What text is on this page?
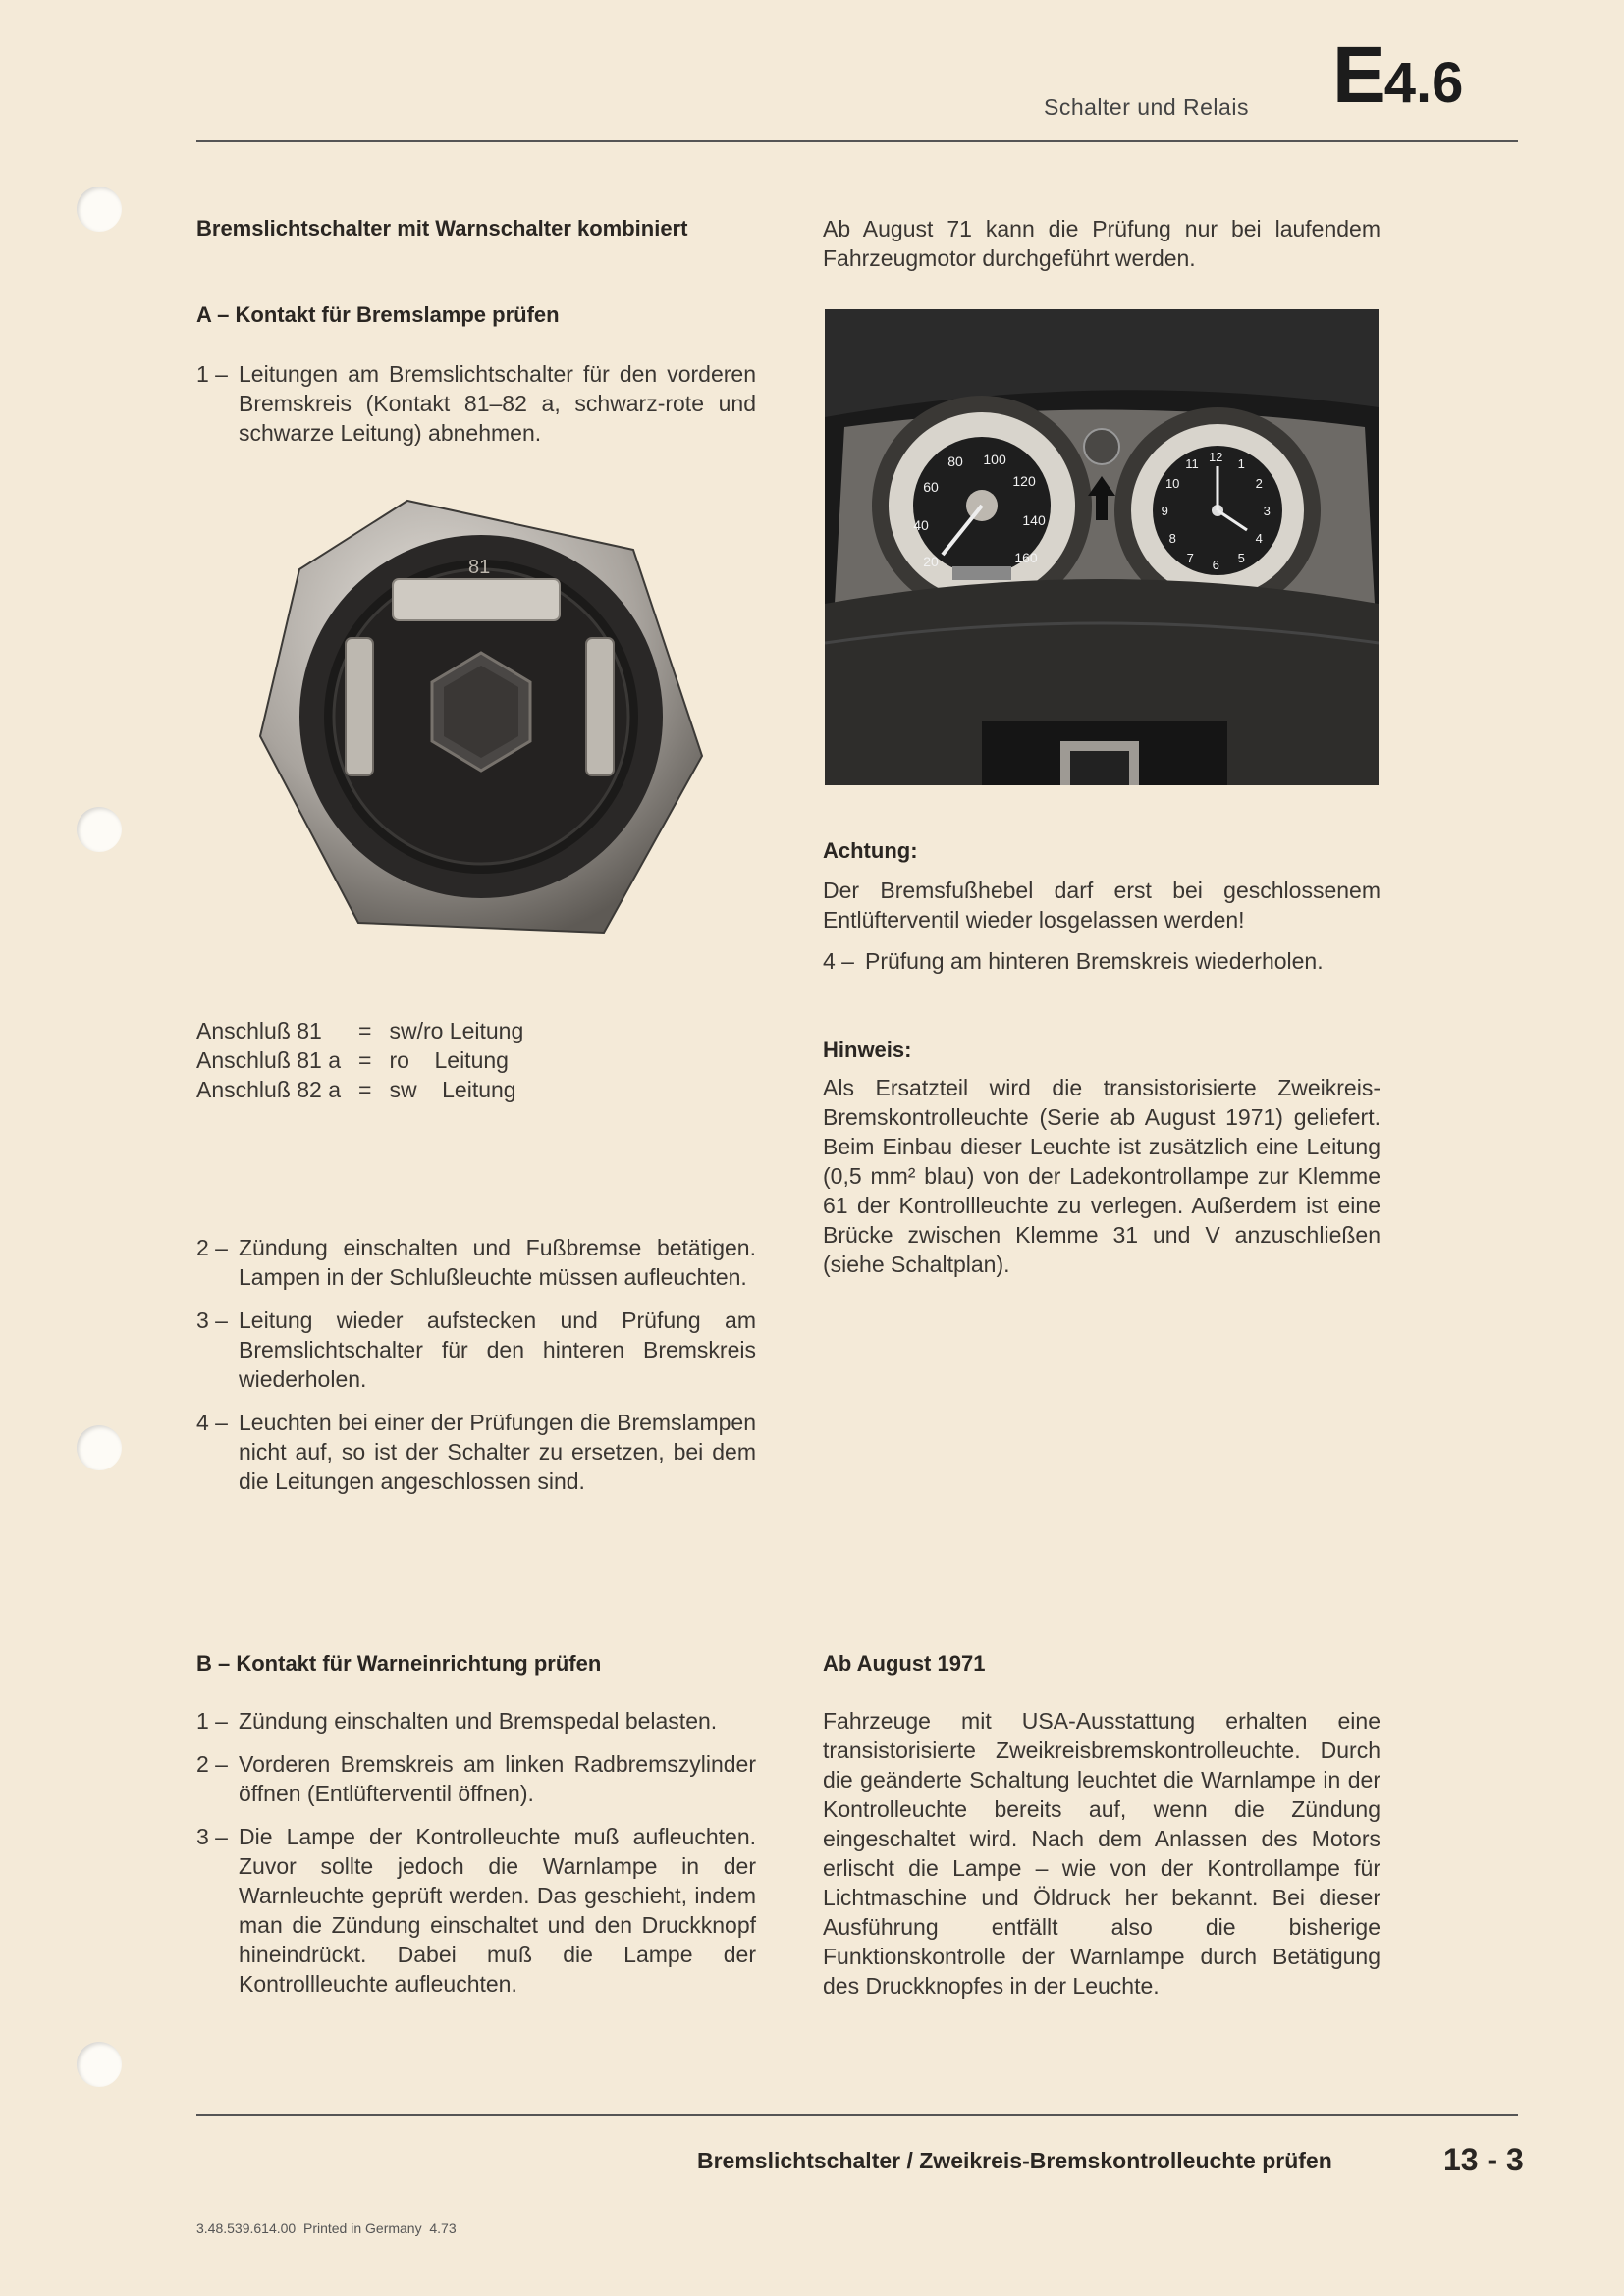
Schalter und Relais E4.6
Bremslichtschalter mit Warnschalter kombiniert
A – Kontakt für Bremslampe prüfen
1 – Leitungen am Bremslichtschalter für den vorderen Bremskreis (Kontakt 81–82 a, schwarz-rote und schwarze Leitung) abnehmen.
81
Anschluß 81	=	sw/ro Leitung
Anschluß 81 a	=	ro    Leitung
Anschluß 82 a	=	sw    Leitung
2 – Zündung einschalten und Fußbremse betätigen. Lampen in der Schlußleuchte müssen aufleuchten.
3 – Leitung wieder aufstecken und Prüfung am Bremslichtschalter für den hinteren Bremskreis wiederholen.
4 – Leuchten bei einer der Prüfungen die Bremslampen nicht auf, so ist der Schalter zu ersetzen, bei dem die Leitungen angeschlossen sind.
B – Kontakt für Warneinrichtung prüfen
1 – Zündung einschalten und Bremspedal belasten.
2 – Vorderen Bremskreis am linken Radbremszylinder öffnen (Entlüfterventil öffnen).
3 – Die Lampe der Kontrolleuchte muß aufleuchten. Zuvor sollte jedoch die Warnlampe in der Warnleuchte geprüft werden. Das geschieht, indem man die Zündung einschaltet und den Druckknopf hineindrückt. Dabei muß die Lampe der Kontrollleuchte aufleuchten.

Ab August 71 kann die Prüfung nur bei laufendem Fahrzeugmotor durchgeführt werden.

20 40 60 80 100 120 140 160
12 1 2 3 4 5 6 7 8 9 10 11
Achtung:

Der Bremsfußhebel darf erst bei geschlossenem Entlüfterventil wieder losgelassen werden!

4 – Prüfung am hinteren Bremskreis wiederholen.
Hinweis:

Als Ersatzteil wird die transistorisierte Zweikreis-Bremskontrolleuchte (Serie ab August 1971) geliefert. Beim Einbau dieser Leuchte ist zusätzlich eine Leitung (0,5 mm² blau) von der Ladekontrollampe zur Klemme 61 der Kontrollleuchte zu verlegen. Außerdem ist eine Brücke zwischen Klemme 31 und V anzuschließen (siehe Schaltplan).

Ab August 1971

Fahrzeuge mit USA-Ausstattung erhalten eine transistorisierte Zweikreisbremskontrolleuchte. Durch die geänderte Schaltung leuchtet die Warnlampe in der Kontrolleuchte bereits auf, wenn die Zündung eingeschaltet wird. Nach dem Anlassen des Motors erlischt die Lampe – wie von der Kontrollampe für Lichtmaschine und Öldruck her bekannt. Bei dieser Ausführung entfällt also die bisherige Funktionskontrolle der Warnlampe durch Betätigung des Druckknopfes in der Leuchte.

Bremslichtschalter / Zweikreis-Bremskontrolleuchte prüfen	13 - 3
3.48.539.614.00  Printed in Germany  4.73
